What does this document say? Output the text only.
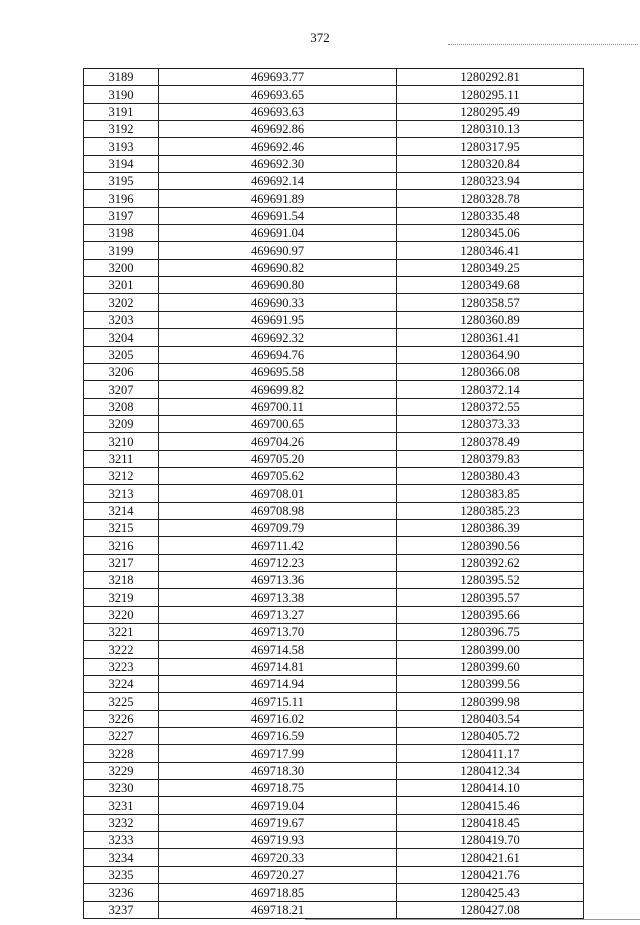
372
3189	469693.77	1280292.81
3190	469693.65	1280295.11
3191	469693.63	1280295.49
3192	469692.86	1280310.13
3193	469692.46	1280317.95
3194	469692.30	1280320.84
3195	469692.14	1280323.94
3196	469691.89	1280328.78
3197	469691.54	1280335.48
3198	469691.04	1280345.06
3199	469690.97	1280346.41
3200	469690.82	1280349.25
3201	469690.80	1280349.68
3202	469690.33	1280358.57
3203	469691.95	1280360.89
3204	469692.32	1280361.41
3205	469694.76	1280364.90
3206	469695.58	1280366.08
3207	469699.82	1280372.14
3208	469700.11	1280372.55
3209	469700.65	1280373.33
3210	469704.26	1280378.49
3211	469705.20	1280379.83
3212	469705.62	1280380.43
3213	469708.01	1280383.85
3214	469708.98	1280385.23
3215	469709.79	1280386.39
3216	469711.42	1280390.56
3217	469712.23	1280392.62
3218	469713.36	1280395.52
3219	469713.38	1280395.57
3220	469713.27	1280395.66
3221	469713.70	1280396.75
3222	469714.58	1280399.00
3223	469714.81	1280399.60
3224	469714.94	1280399.56
3225	469715.11	1280399.98
3226	469716.02	1280403.54
3227	469716.59	1280405.72
3228	469717.99	1280411.17
3229	469718.30	1280412.34
3230	469718.75	1280414.10
3231	469719.04	1280415.46
3232	469719.67	1280418.45
3233	469719.93	1280419.70
3234	469720.33	1280421.61
3235	469720.27	1280421.76
3236	469718.85	1280425.43
3237	469718.21	1280427.08
